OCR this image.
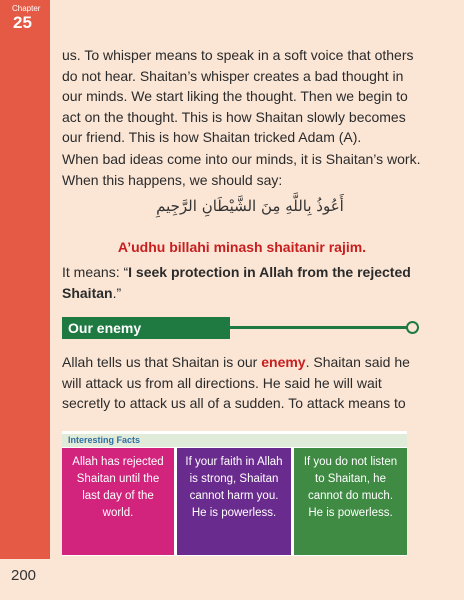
Chapter
25
200

us. To whisper means to speak in a soft voice that others do not hear. Shaitan’s whisper creates a bad thought in our minds. We start liking the thought. Then we begin to act on the thought. This is how Shaitan slowly becomes our friend. This is how Shaitan tricked Adam (A).

When bad ideas come into our minds, it is Shaitan’s work. When this happens, we should say:

أَعُوذُ بِاللَّهِ مِنَ الشَّيْطَانِ الرَّجِيمِ
A’udhu billahi minash shaitanir rajim.

It means: “I seek protection in Allah from the rejected Shaitan.”

Our enemy

Allah tells us that Shaitan is our enemy. Shaitan said he will attack us from all directions. He said he will wait secretly to attack us all of a sudden. To attack means to

Interesting Facts
Allah has rejected Shaitan until the last day of the world.
If your faith in Allah is strong, Shaitan cannot harm you. He is powerless.
If you do not listen to Shaitan, he cannot do much. He is powerless.
